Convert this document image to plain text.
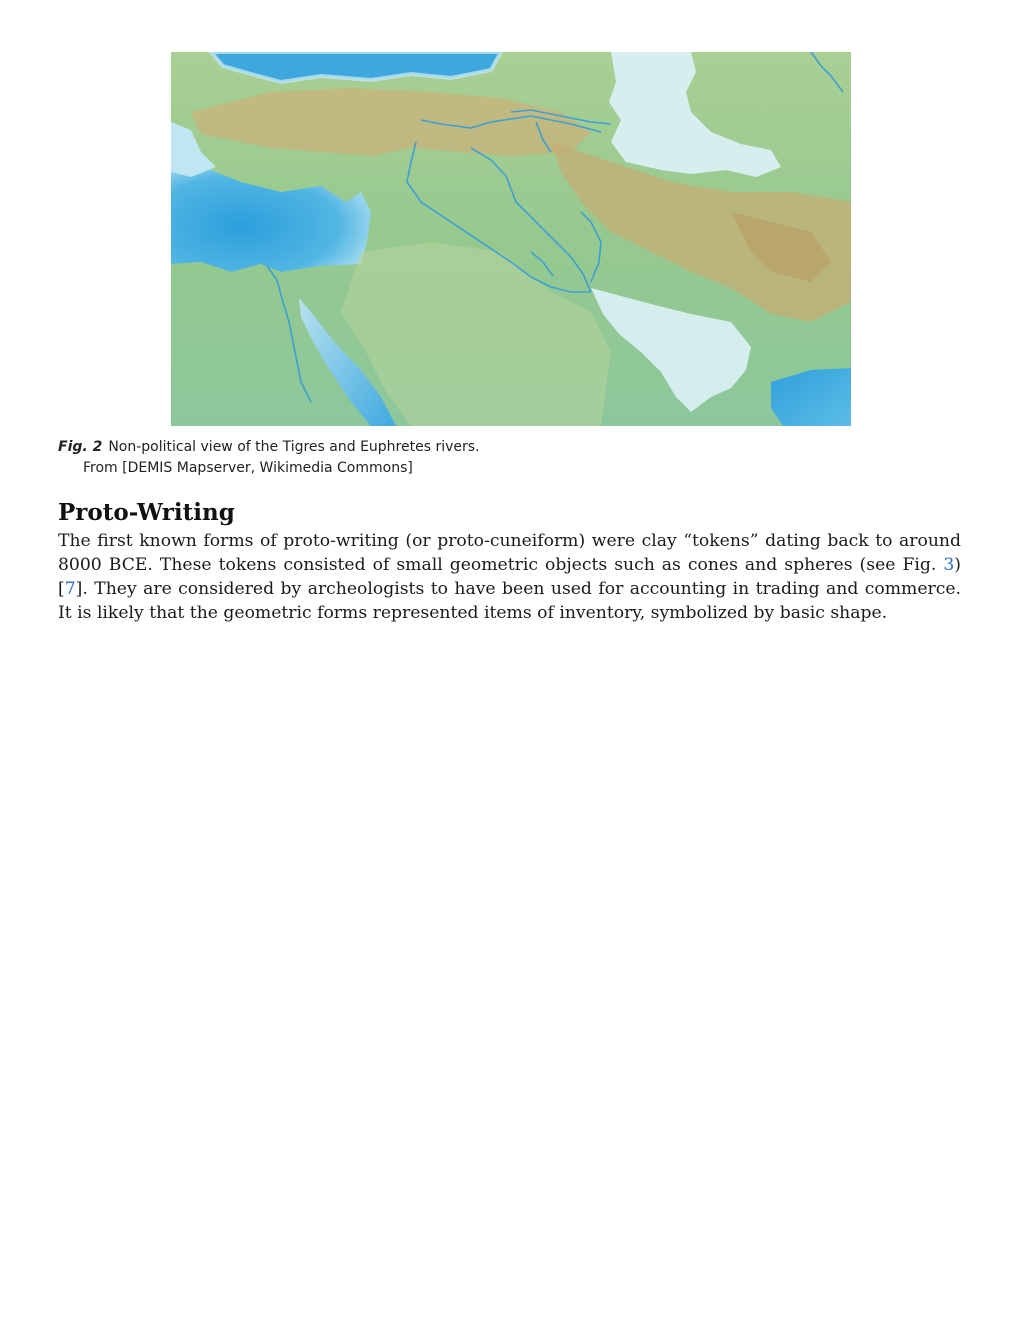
Fig. 2 Non-political view of the Tigres and Euphretes rivers.
From [DEMIS Mapserver, Wikimedia Commons]
Proto-Writing

The first known forms of proto-writing (or proto-cuneiform) were clay “tokens” dating back to around 8000 BCE. These tokens consisted of small geometric objects such as cones and spheres (see Fig. 3) [7]. They are considered by archeologists to have been used for accounting in trading and commerce. It is likely that the geometric forms represented items of inventory, symbolized by basic shape.
